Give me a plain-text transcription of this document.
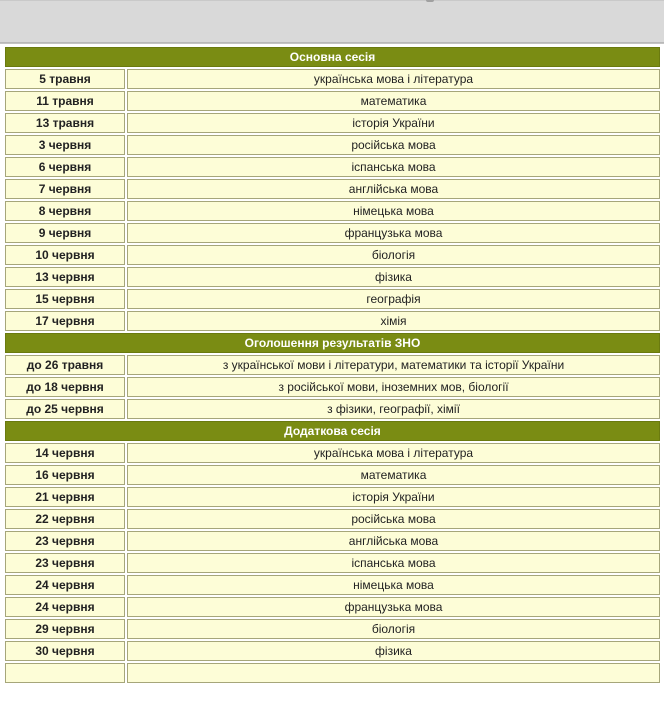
Основна сесія	
5 травня	українська мова і література
11 травня	математика
13 травня	історія України
3 червня	російська мова
6 червня	іспанська мова
7 червня	англійська мова
8 червня	німецька мова
9 червня	французька мова
10 червня	біологія
13 червня	фізика
15 червня	географія
17 червня	хімія
Оголошення результатів ЗНО	
до 26 травня	з української мови і літератури, математики та історії України
до 18 червня	з російської мови, іноземних мов, біології
до 25 червня	з фізики, географії, хімії
Додаткова сесія	
14 червня	українська мова і література
16 червня	математика
21 червня	історія України
22 червня	російська мова
23 червня	англійська мова
23 червня	іспанська мова
24 червня	німецька мова
24 червня	французька мова
29 червня	біологія
30 червня	фізика
